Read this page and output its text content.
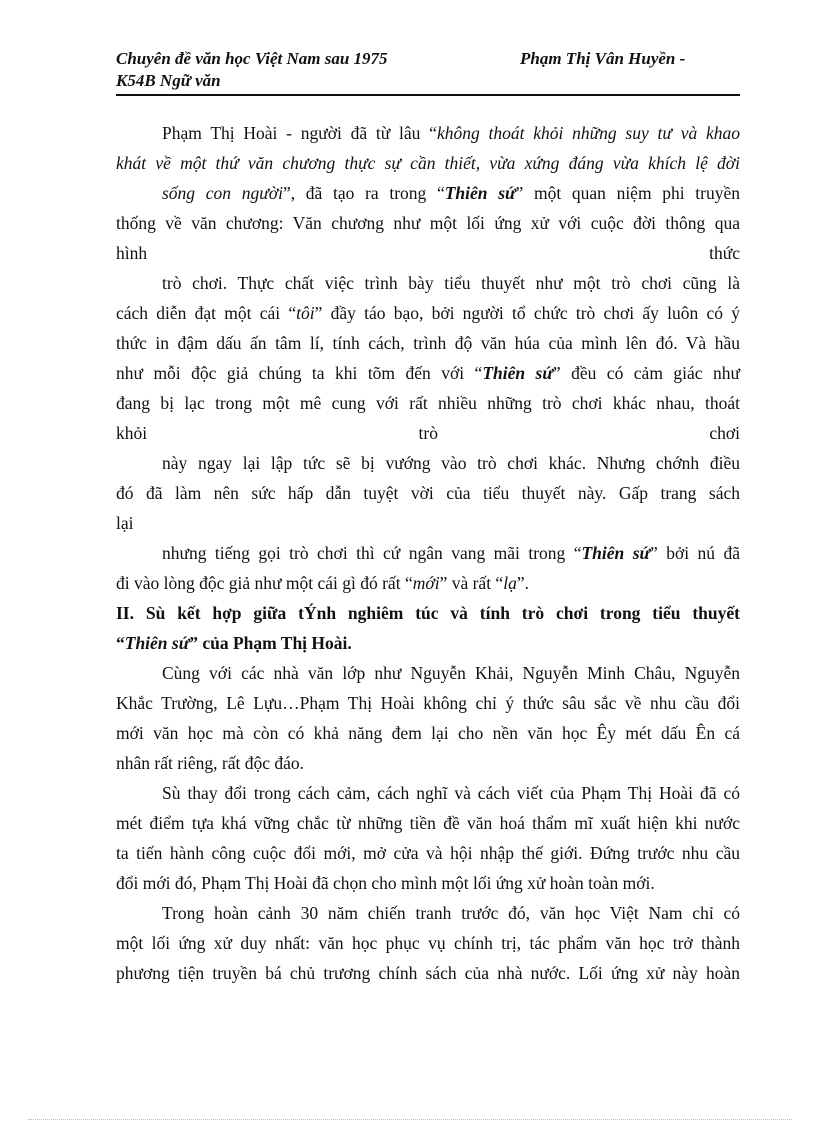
Chuyên đề văn học Việt Nam sau 1975	Phạm Thị Vân Huyền -
K54B Ngữ văn

Phạm Thị Hoài - người đã từ lâu “không thoát khỏi những suy tư và khao
khát về một thứ văn chương thực sự cần thiết, vừa xứng đáng vừa khích lệ đời
sống con người”, đã tạo ra trong “Thiên sứ” một quan niệm phi truyền
thống về văn chương: Văn chương như một lối ứng xử với cuộc đời thông qua
hình	thức

trò chơi. Thực chất việc trình bày tiểu thuyết như một trò chơi cũng là
cách diễn đạt một cái “tôi” đầy táo bạo, bởi người tổ chức trò chơi ấy luôn có ý
thức in đậm dấu ấn tâm lí, tính cách, trình độ văn húa của mình lên đó. Và hầu
như mỗi độc giả chúng ta khi tõm đến với “Thiên sứ” đều có cảm giác như
đang bị lạc trong một mê cung với rất nhiều những trò chơi khác nhau, thoát
khỏi	trò	chơi

này ngay lại lập tức sẽ bị vướng vào trò chơi khác. Nhưng chớnh điều
đó đã làm nên sức hấp dẫn tuyệt vời của tiểu thuyết này. Gấp trang sách
lại

nhưng tiếng gọi trò chơi thì cứ ngân vang mãi trong “Thiên sứ” bởi nú đã
đi vào lòng độc giả như một cái gì đó rất “mới” và rất “lạ”.

II. Sù kết hợp giữa tÝnh nghiêm túc và tính trò chơi trong tiểu thuyết
“Thiên sứ” của Phạm Thị Hoài.

Cùng với các nhà văn lớp như Nguyễn Khải, Nguyễn Minh Châu, Nguyễn
Khắc Trường, Lê Lựu…Phạm Thị Hoài không chỉ ý thức sâu sắc về nhu cầu đổi
mới văn học mà còn có khả năng đem lại cho nền văn học Êy mét dấu Ên cá
nhân rất riêng, rất độc đáo.

Sù thay đổi trong cách cảm, cách nghĩ và cách viết của Phạm Thị Hoài đã có
mét điểm tựa khá vững chắc từ những tiền đề văn hoá thẩm mĩ xuất hiện khi nước
ta tiến hành công cuộc đổi mới, mở cửa và hội nhập thế giới. Đứng trước nhu cầu
đổi mới đó, Phạm Thị Hoài đã chọn cho mình một lối ứng xử hoàn toàn mới.

Trong hoàn cảnh 30 năm chiến tranh trước đó, văn học Việt Nam chỉ có
một lối ứng xử duy nhất: văn học phục vụ chính trị, tác phẩm văn học trở thành
phương tiện truyền bá chủ trương chính sách của nhà nước. Lối ứng xử này hoàn
